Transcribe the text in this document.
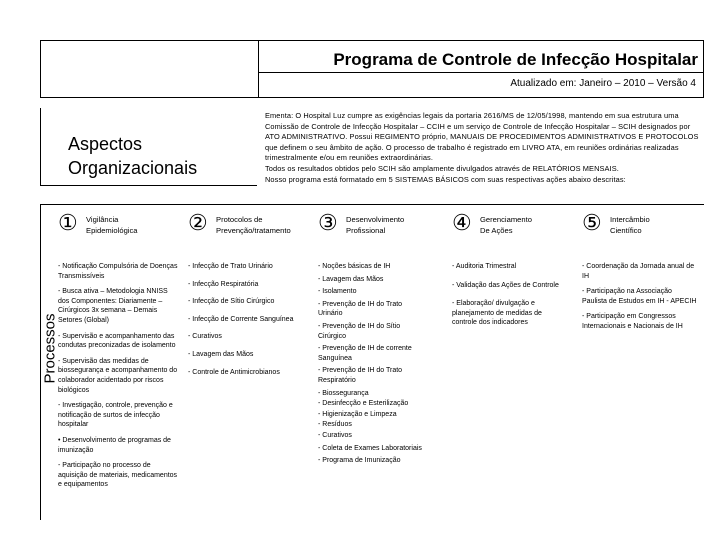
Programa de Controle de Infecção Hospitalar
Atualizado em: Janeiro – 2010 – Versão 4
Aspectos
Organizacionais

Ementa: O Hospital Luz cumpre as exigências legais da portaria 2616/MS de 12/05/1998, mantendo em sua estrutura uma Comissão de Controle de Infecção Hospitalar – CCIH e um serviço de Controle de Infecção Hospitalar – SCIH designados por ATO ADMINISTRATIVO. Possui REGIMENTO próprio, MANUAIS DE PROCEDIMENTOS ADMINISTRATIVOS E PROTOCOLOS que definem o seu âmbito de ação. O processo de trabalho é registrado em LIVRO ATA, em reuniões ordinárias realizadas trimestralmente e/ou em reuniões extraordinárias.

Todos os resultados obtidos pelo SCIH são amplamente divulgados através de RELATÓRIOS MENSAIS.

Nosso programa está formatado em 5 SISTEMAS BÁSICOS com suas respectivas ações abaixo descritas:

Processos
① Vigilância
Epidemiológica
- Notificação Compulsória de Doenças Transmissíveis
- Busca ativa – Metodologia NNISS dos Componentes: Diariamente – Cirúrgicos 3x semana – Demais Setores (Global)
- Supervisão e acompanhamento das condutas preconizadas de isolamento
- Supervisão das medidas de biossegurança e acompanhamento do colaborador acidentado por riscos biológicos
- Investigação, controle, prevenção e notificação de surtos de infecção hospitalar
• Desenvolvimento de programas de imunização
- Participação no processo de aquisição de materiais, medicamentos e equipamentos
② Protocolos de
Prevenção/tratamento
- Infecção de Trato Urinário
- Infecção Respiratória
- Infecção de Sítio Cirúrgico
- Infecção de Corrente Sanguínea
- Curativos
- Lavagem das Mãos
- Controle de Antimicrobianos
③ Desenvolvimento
Profissional
- Noções básicas de IH
- Lavagem das Mãos
- Isolamento
- Prevenção de IH do Trato Urinário
- Prevenção de IH do Sítio Cirúrgico
- Prevenção de IH de corrente Sanguínea
- Prevenção de IH do Trato Respiratório
- Biossegurança
- Desinfecção e Esterilização
- Higienização e Limpeza
- Resíduos
- Curativos
- Coleta de Exames Laboratoriais
- Programa de Imunização
④ Gerenciamento
De Ações
- Auditoria Trimestral
- Validação das Ações de Controle
- Elaboração/ divulgação e planejamento de medidas de controle dos indicadores
⑤ Intercâmbio
Científico
- Coordenação da Jornada anual de IH
- Participação na Associação Paulista de Estudos em IH - APECIH
- Participação em Congressos Internacionais e Nacionais de IH
